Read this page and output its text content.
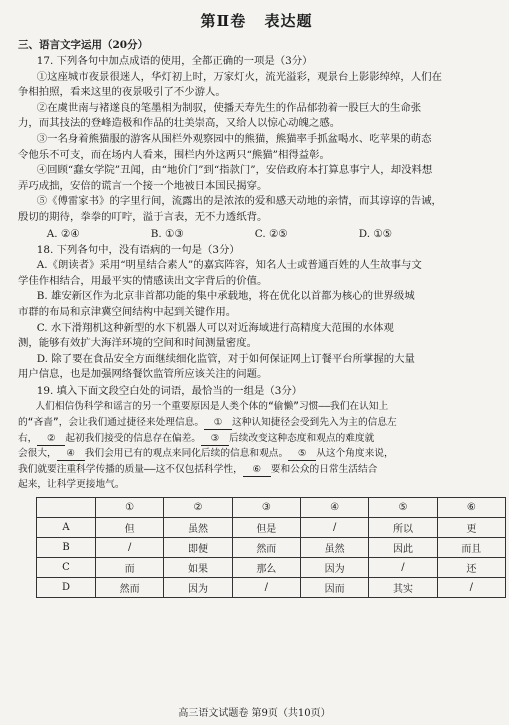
第Ⅱ卷 表达题
三、语言文字运用（20分）

17. 下列各句中加点成语的使用，全都正确的一项是（3分）

①这座城市夜景很迷人，华灯初上时，万家灯火，流光溢彩，观景台上影影绰绰，人们在

争相拍照，看来这里的夜景吸引了不少游人。

②在虞世南与褚遂良的笔墨相为制驭，使播天寿先生的作品郁勃着一股巨大的生命张

力，而其技法的登峰造极和作品的壮美崇高，又给人以惊心动魄之感。

③一名身着熊猫服的游客从围栏外观察园中的熊猫，熊猫率手抓盆喝水、吃苹果的萌态

令他乐不可支，而在场内人看来，围栏内外这两只“熊猫”相得益彰。

④回顾“蠢女学院”丑闻，由“地价门”到“指款门”，安倍政府本打算息事宁人，却没料想

弄巧成拙，安倍的谎言一个接一个地被日本国民揭穿。

⑤《傅雷家书》的字里行间，流露出的是浓浓的爱和感天动地的亲情，而其谆谆的告诫，

殷切的期待，拳拳的叮咛，溢于言表，无不力透纸背。

A. ②④	B. ①③	C. ②⑤	D. ①⑤

18. 下列各句中，没有语病的一句是（3分）

A.《朗读者》采用“明星结合素人”的嘉宾阵容，知名人士或普通百姓的人生故事与文

学佳作相结合，用最平实的情感读出文字背后的价值。

B. 雄安新区作为北京非首都功能的集中承载地，将在优化以首都为核心的世界级城

市群的布局和京津冀空间结构中起到关键作用。

C. 水下滑翔机这种新型的水下机器人可以对近海域进行高精度大范围的水体观

测，能够有效扩大海洋环境的空间和时间测量密度。

D. 除了要在食品安全方面继续细化监管，对于如何保证网上订餐平台所掌握的大量

用户信息，也是加强网络餐饮监管所应该关注的问题。

19. 填入下面文段空白处的词语，最恰当的一组是（3分）

人们相信伪科学和谣言的另一个重要原因是人类个体的“偷懒”习惯——我们在认知上

的“吝啬”，会让我们通过捷径来处理信息。 ① 这种认知捷径会受到先入为主的信息左

右， ② 起初我们接受的信息存在偏差。 ③ 后续改变这种态度和观点的难度就

会很大， ④ 我们会用已有的观点来同化后续的信息和观点。 ⑤ 从这个角度来说，

我们就要注重科学传播的质量——这不仅包括科学性， ⑥ 要和公众的日常生活结合

起来，让科学更接地气。

	①	②	③	④	⑤	⑥
A	但	虽然	但是	/	所以	更
B	/	即便	然而	虽然	因此	而且
C	而	如果	那么	因为	/	还
D	然而	因为	/	因而	其实	/
高三语文试题卷 第9页（共10页）
